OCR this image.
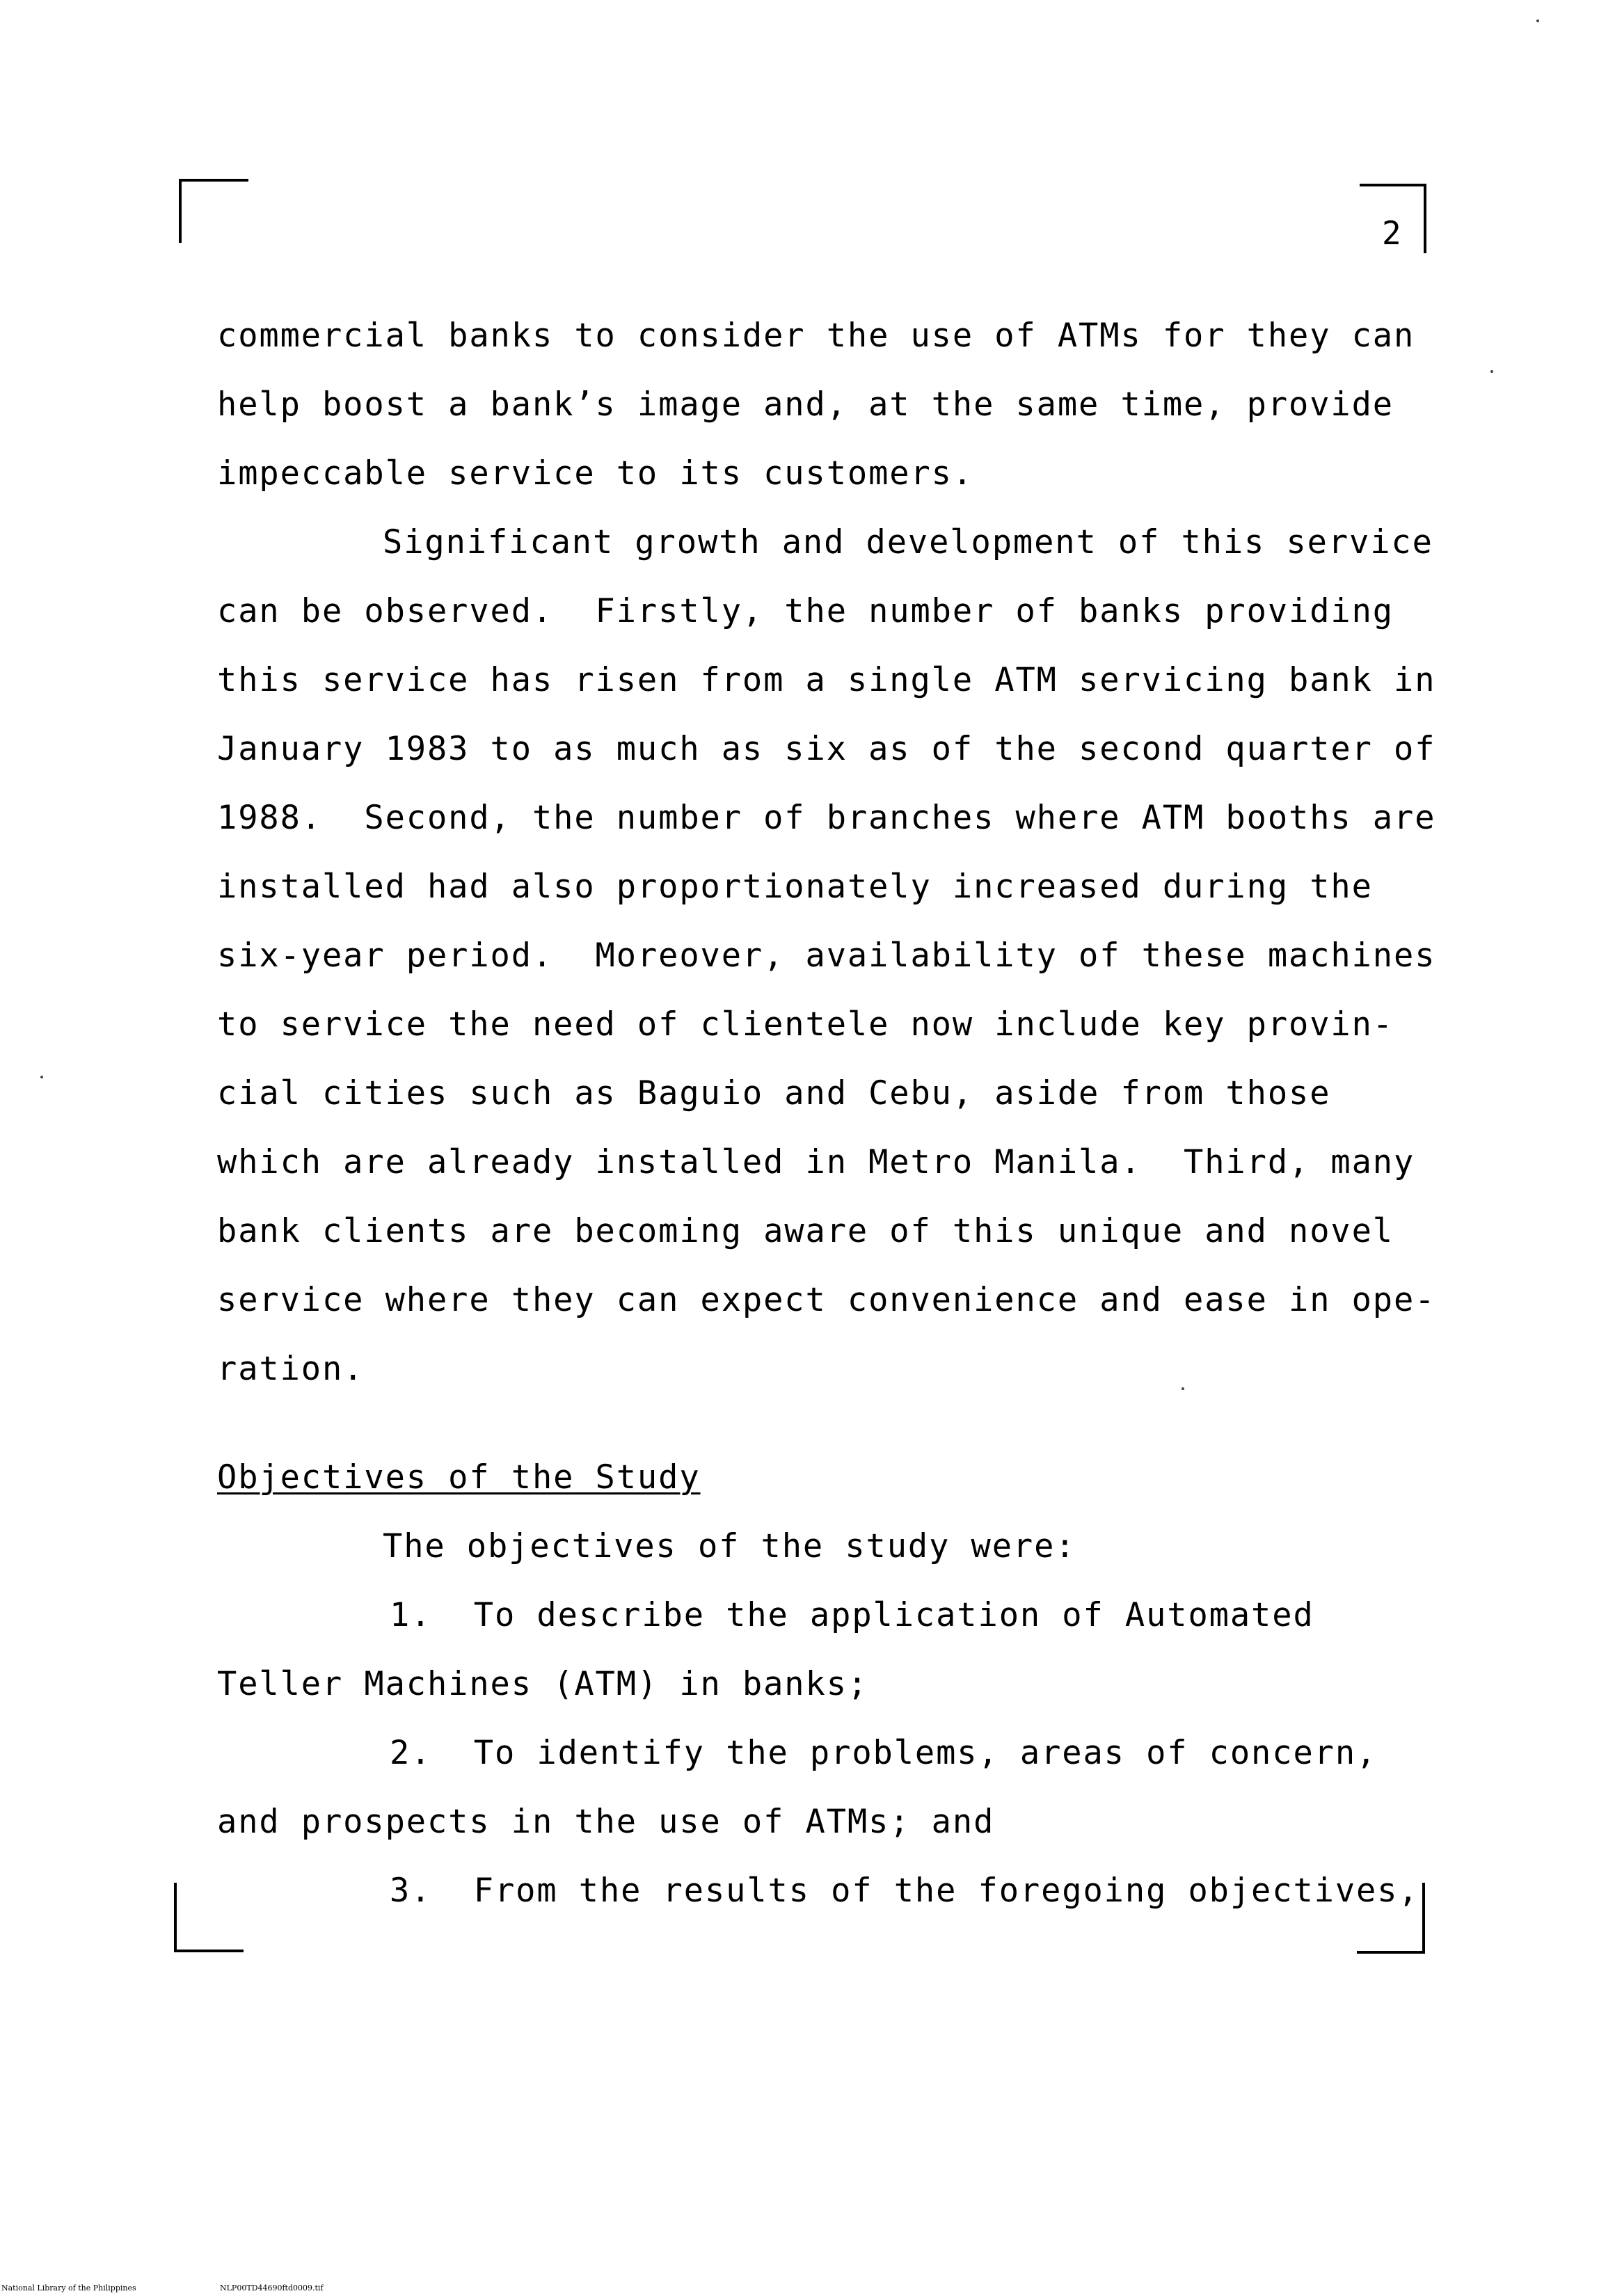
2
commercial banks to consider the use of ATMs for they can
help boost a bank’s image and, at the same time, provide
impeccable service to its customers.
Significant growth and development of this service
can be observed.  Firstly, the number of banks providing
this service has risen from a single ATM servicing bank in
January 1983 to as much as six as of the second quarter of
1988.  Second, the number of branches where ATM booths are
installed had also proportionately increased during the
six-year period.  Moreover, availability of these machines
to service the need of clientele now include key provin-
cial cities such as Baguio and Cebu, aside from those
which are already installed in Metro Manila.  Third, many
bank clients are becoming aware of this unique and novel
service where they can expect convenience and ease in ope-
ration.
Objectives of the Study
The objectives of the study were:
1.  To describe the application of Automated
Teller Machines (ATM) in banks;
2.  To identify the problems, areas of concern,
and prospects in the use of ATMs; and
3.  From the results of the foregoing objectives,
National Library of the Philippines	NLP00TD44690ftd0009.tif
